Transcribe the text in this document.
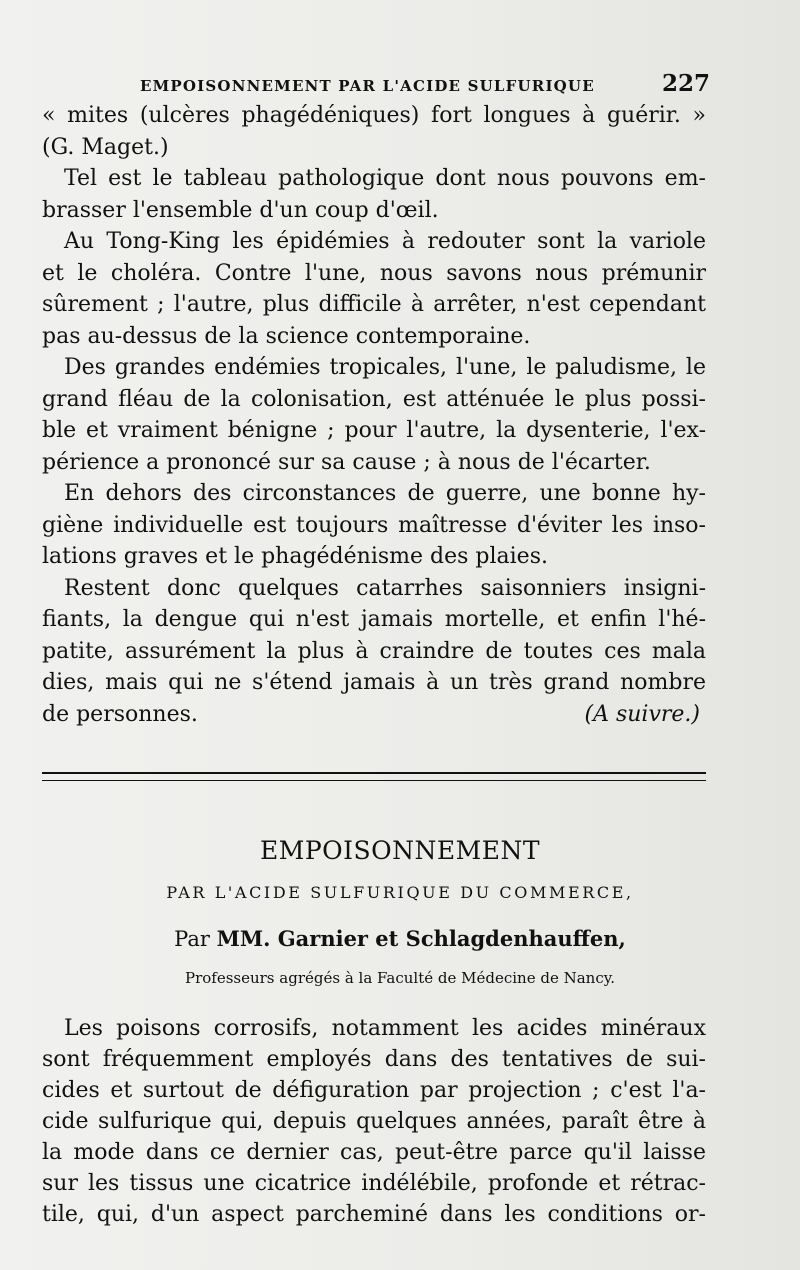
EMPOISONNEMENT PAR L'ACIDE SULFURIQUE	227
« mites (ulcères phagédéniques) fort longues à guérir. »
(G. Maget.)
Tel est le tableau pathologique dont nous pouvons em-
brasser l'ensemble d'un coup d'œil.
Au Tong-King les épidémies à redouter sont la variole
et le choléra. Contre l'une, nous savons nous prémunir
sûrement ; l'autre, plus difficile à arrêter, n'est cependant
pas au-dessus de la science contemporaine.
Des grandes endémies tropicales, l'une, le paludisme, le
grand fléau de la colonisation, est atténuée le plus possi-
ble et vraiment bénigne ; pour l'autre, la dysenterie, l'ex-
périence a prononcé sur sa cause ; à nous de l'écarter.
En dehors des circonstances de guerre, une bonne hy-
giène individuelle est toujours maîtresse d'éviter les inso-
lations graves et le phagédénisme des plaies.
Restent donc quelques catarrhes saisonniers insigni-
fiants, la dengue qui n'est jamais mortelle, et enfin l'hé-
patite, assurément la plus à craindre de toutes ces mala
dies, mais qui ne s'étend jamais à un très grand nombre
de personnes.	(A suivre.)
EMPOISONNEMENT
PAR L'ACIDE SULFURIQUE DU COMMERCE,
Par MM. Garnier et Schlagdenhauffen,
Professeurs agrégés à la Faculté de Médecine de Nancy.
Les poisons corrosifs, notamment les acides minéraux
sont fréquemment employés dans des tentatives de sui-
cides et surtout de défiguration par projection ; c'est l'a-
cide sulfurique qui, depuis quelques années, paraît être à
la mode dans ce dernier cas, peut-être parce qu'il laisse
sur les tissus une cicatrice indélébile, profonde et rétrac-
tile, qui, d'un aspect parcheminé dans les conditions or-
